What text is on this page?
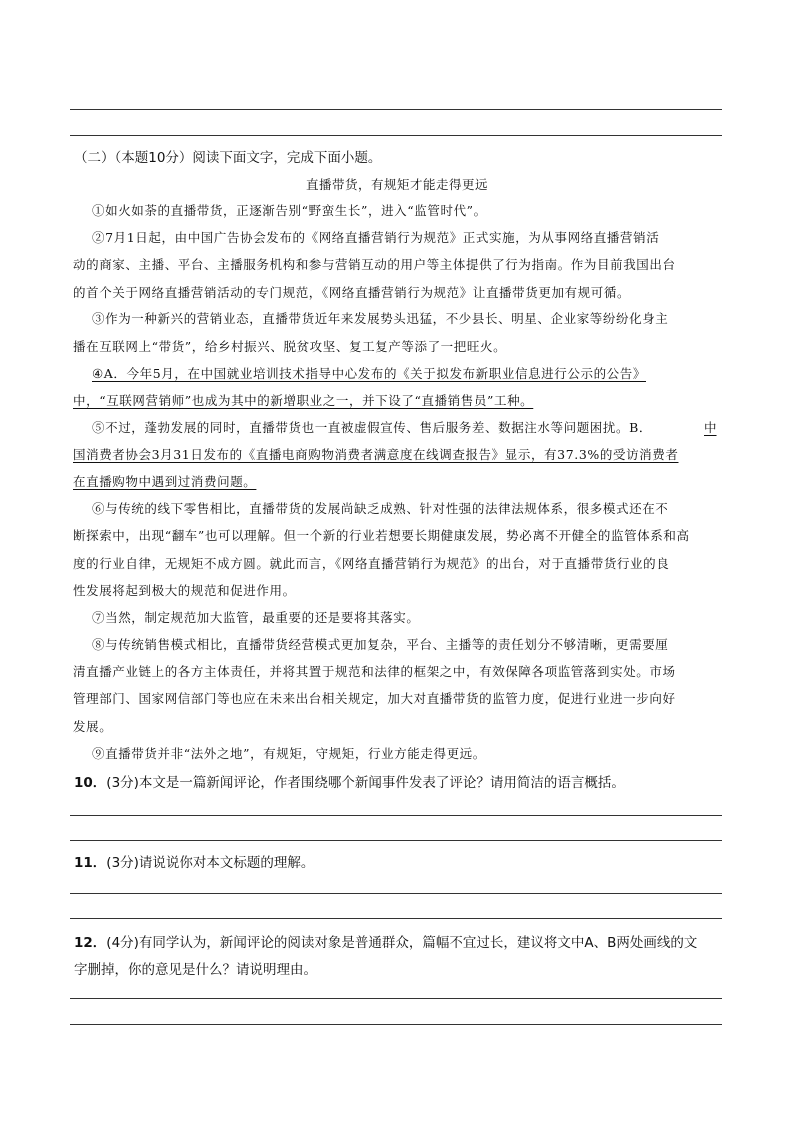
（二）（本题10分）阅读下面文字，完成下面小题。
直播带货，有规矩才能走得更远
①如火如荼的直播带货，正逐渐告别“野蛮生长”，进入“监管时代”。
②7月1日起，由中国广告协会发布的《网络直播营销行为规范》正式实施，为从事网络直播营销活
动的商家、主播、平台、主播服务机构和参与营销互动的用户等主体提供了行为指南。作为目前我国出台
的首个关于网络直播营销活动的专门规范，《网络直播营销行为规范》让直播带货更加有规可循。
③作为一种新兴的营销业态，直播带货近年来发展势头迅猛，不少县长、明星、企业家等纷纷化身主
播在互联网上“带货”，给乡村振兴、脱贫攻坚、复工复产等添了一把旺火。
④A．今年5月，在中国就业培训技术指导中心发布的《关于拟发布新职业信息进行公示的公告》
中，“互联网营销师”也成为其中的新增职业之一，并下设了“直播销售员”工种。
⑤不过，蓬勃发展的同时，直播带货也一直被虚假宣传、售后服务差、数据注水等问题困扰。B．	中
国消费者协会3月31日发布的《直播电商购物消费者满意度在线调查报告》显示，有37.3%的受访消费者
在直播购物中遇到过消费问题。
⑥与传统的线下零售相比，直播带货的发展尚缺乏成熟、针对性强的法律法规体系，很多模式还在不
断探索中，出现“翻车”也可以理解。但一个新的行业若想要长期健康发展，势必离不开健全的监管体系和高
度的行业自律，无规矩不成方圆。就此而言，《网络直播营销行为规范》的出台，对于直播带货行业的良
性发展将起到极大的规范和促进作用。
⑦当然，制定规范加大监管，最重要的还是要将其落实。
⑧与传统销售模式相比，直播带货经营模式更加复杂，平台、主播等的责任划分不够清晰，更需要厘
清直播产业链上的各方主体责任，并将其置于规范和法律的框架之中，有效保障各项监管落到实处。市场
管理部门、国家网信部门等也应在未来出台相关规定，加大对直播带货的监管力度，促进行业进一步向好
发展。
⑨直播带货并非“法外之地”，有规矩，守规矩，行业方能走得更远。
10．(3分)本文是一篇新闻评论，作者围绕哪个新闻事件发表了评论？请用简洁的语言概括。
11．(3分)请说说你对本文标题的理解。
12．(4分)有同学认为，新闻评论的阅读对象是普通群众，篇幅不宜过长，建议将文中A、B两处画线的文
字删掉，你的意见是什么？请说明理由。
